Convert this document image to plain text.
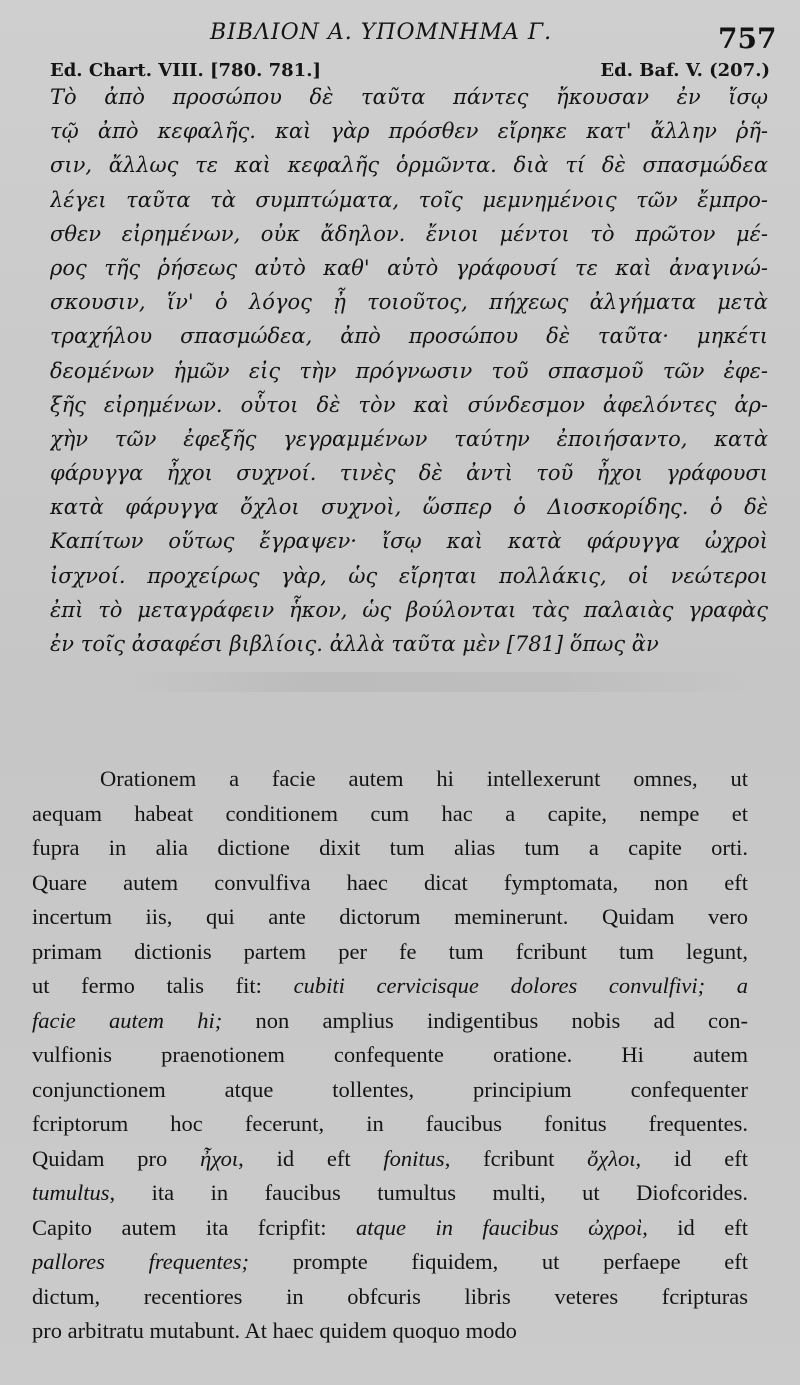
ΒΙΒΛΙΟΝ Α. ΥΠΟΜΝΗΜΑ Γ.	757
Ed. Chart. VIII. [780. 781.]	Ed. Baf. V. (207.)
Τὸ ἀπὸ προσώπου δὲ ταῦτα πάντες ἤκουσαν ἐν ἴσῳ
τῷ ἀπὸ κεφαλῆς. καὶ γὰρ πρόσθεν εἴρηκε κατ' ἄλλην ῥῆ-
σιν, ἄλλως τε καὶ κεφαλῆς ὁρμῶντα. διὰ τί δὲ σπασμώδεα
λέγει ταῦτα τὰ συμπτώματα, τοῖς μεμνημένοις τῶν ἔμπρο-
σθεν εἰρημένων, οὐκ ἄδηλον. ἔνιοι μέντοι τὸ πρῶτον μέ-
ρος τῆς ῥήσεως αὐτὸ καθ' αὑτὸ γράφουσί τε καὶ ἀναγινώ-
σκουσιν, ἵν' ὁ λόγος ᾖ τοιοῦτος, πήχεως ἀλγήματα μετὰ
τραχήλου σπασμώδεα, ἀπὸ προσώπου δὲ ταῦτα· μηκέτι
δεομένων ἡμῶν εἰς τὴν πρόγνωσιν τοῦ σπασμοῦ τῶν ἐφε-
ξῆς εἰρημένων. οὗτοι δὲ τὸν καὶ σύνδεσμον ἀφελόντες ἀρ-
χὴν τῶν ἐφεξῆς γεγραμμένων ταύτην ἐποιήσαντο, κατὰ
φάρυγγα ἦχοι συχνοί. τινὲς δὲ ἀντὶ τοῦ ἦχοι γράφουσι
κατὰ φάρυγγα ὄχλοι συχνοὶ, ὥσπερ ὁ Διοσκορίδης. ὁ δὲ
Καπίτων οὕτως ἔγραψεν· ἴσῳ καὶ κατὰ φάρυγγα ὠχροὶ
ἰσχνοί. προχείρως γὰρ, ὡς εἴρηται πολλάκις, οἱ νεώτεροι
ἐπὶ τὸ μεταγράφειν ἧκον, ὡς βούλονται τὰς παλαιὰς γραφὰς
ἐν τοῖς ἀσαφέσι βιβλίοις. ἀλλὰ ταῦτα μὲν [781] ὅπως ἂν
Orationem a facie autem hi intellexerunt omnes, ut
aequam habeat conditionem cum hac a capite, nempe et
fupra in alia dictione dixit tum alias tum a capite orti.
Quare autem convulfiva haec dicat fymptomata, non eft
incertum iis, qui ante dictorum meminerunt. Quidam vero
primam dictionis partem per fe tum fcribunt tum legunt,
ut fermo talis fit: cubiti cervicisque dolores convulfivi; a
facie autem hi; non amplius indigentibus nobis ad con-
vulfionis praenotionem confequente oratione. Hi autem
conjunctionem atque tollentes, principium confequenter
fcriptorum hoc fecerunt, in faucibus fonitus frequentes.
Quidam pro ἦχοι, id eft fonitus, fcribunt ὄχλοι, id eft
tumultus, ita in faucibus tumultus multi, ut Diofcorides.
Capito autem ita fcripfit: atque in faucibus ὠχροὶ, id eft
pallores frequentes; prompte fiquidem, ut perfaepe eft
dictum, recentiores in obfcuris libris veteres fcripturas
pro arbitratu mutabunt. At haec quidem quoquo modo
